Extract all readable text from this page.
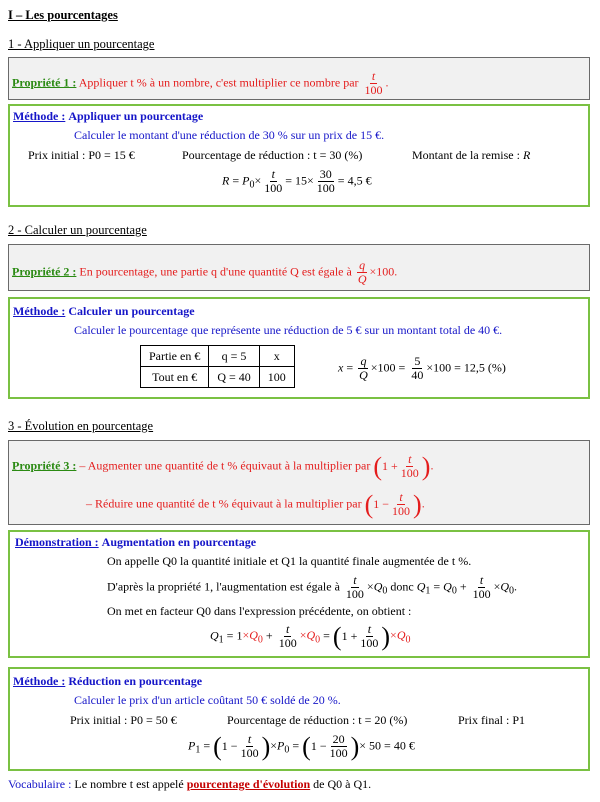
I – Les pourcentages
1 - Appliquer un pourcentage
Propriété 1 : Appliquer t % à un nombre, c'est multiplier ce nombre par $\frac{t}{100}$ .
Méthode : Appliquer un pourcentage
Calculer le montant d'une réduction de 30 % sur un prix de 15 €.
Prix initial : P0 = 15 €	Pourcentage de réduction : t = 30 (%)	Montant de la remise : R
$R = P_0\times \frac{t}{100} = 15\times \frac{30}{100} = 4,5$ €
2 - Calculer un pourcentage
Propriété 2 : En pourcentage, une partie q d'une quantité Q est égale à $\frac{q}{Q} \times 100$.
Méthode : Calculer un pourcentage
Calculer le pourcentage que représente une réduction de 5 € sur un montant total de 40 €.
Partie en €	q = 5	x
Tout en €	Q = 40	100
$x = \frac{q}{Q} \times 100 = \frac{5}{40} \times 100 = 12,5$ (%)
3 - Évolution en pourcentage
Propriété 3 : – Augmenter une quantité de t % équivaut à la multiplier par ( $1 + \frac{t}{100}$ ) .
– Réduire une quantité de t % équivaut à la multiplier par ( $1 - \frac{t}{100}$ ) .
Démonstration : Augmentation en pourcentage
On appelle Q0 la quantité initiale et Q1 la quantité finale augmentée de t %.
D'après la propriété 1, l'augmentation est égale à $\frac{t}{100} \times Q_0$ donc $Q_1 = Q_0 + \frac{t}{100} \times Q_0$.
On met en facteur Q0 dans l'expression précédente, on obtient :
$Q_1 = 1\times Q_0 + \frac{t}{100} \times Q_0$ = ( $1 + \frac{t}{100}$ ) $\times Q_0$
Méthode : Réduction en pourcentage
Calculer le prix d'un article coûtant 50 € soldé de 20 %.
Prix initial : P0 = 50 €	Pourcentage de réduction : t = 20 (%)	Prix final : P1
$P_1$ = ( $1 - \frac{t}{100}$ ) $\times P_0$ = ( $1 - \frac{20}{100}$ ) × 50 = 40 €
Vocabulaire : Le nombre t est appelé pourcentage d'évolution de Q0 à Q1.
